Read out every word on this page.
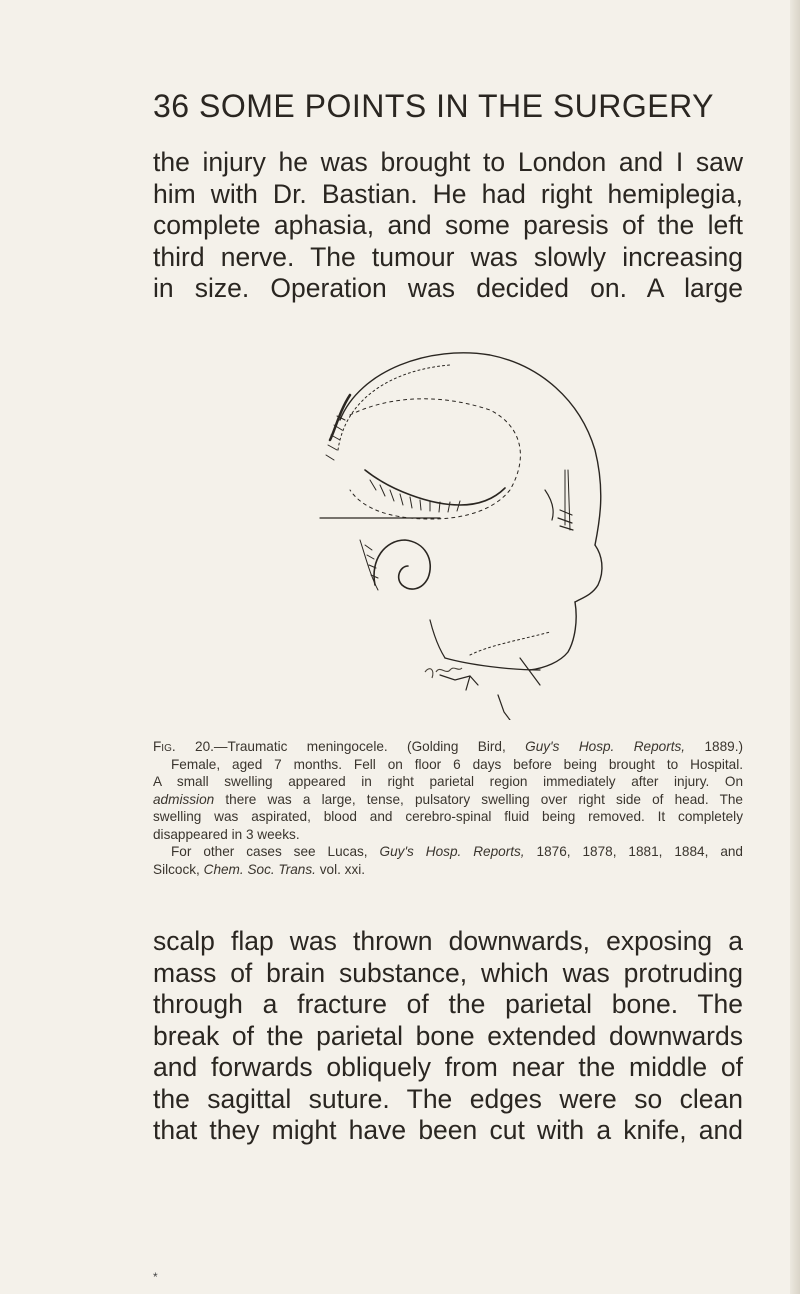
36 SOME POINTS IN THE SURGERY
the injury he was brought to London and I saw
him with Dr. Bastian. He had right hemiplegia,
complete aphasia, and some paresis of the left
third nerve. The tumour was slowly increasing
in size. Operation was decided on. A large
Fig. 20.—Traumatic meningocele. (Golding Bird, Guy's Hosp. Reports, 1889.)
Female, aged 7 months. Fell on floor 6 days before being brought to Hospital.
A small swelling appeared in right parietal region immediately after injury. On
admission there was a large, tense, pulsatory swelling over right side of head. The
swelling was aspirated, blood and cerebro-spinal fluid being removed. It completely
disappeared in 3 weeks.
For other cases see Lucas, Guy's Hosp. Reports, 1876, 1878, 1881, 1884, and
Silcock, Chem. Soc. Trans. vol. xxi.
scalp flap was thrown downwards, exposing a
mass of brain substance, which was protruding
through a fracture of the parietal bone. The
break of the parietal bone extended downwards
and forwards obliquely from near the middle of
the sagittal suture. The edges were so clean
that they might have been cut with a knife, and
*
